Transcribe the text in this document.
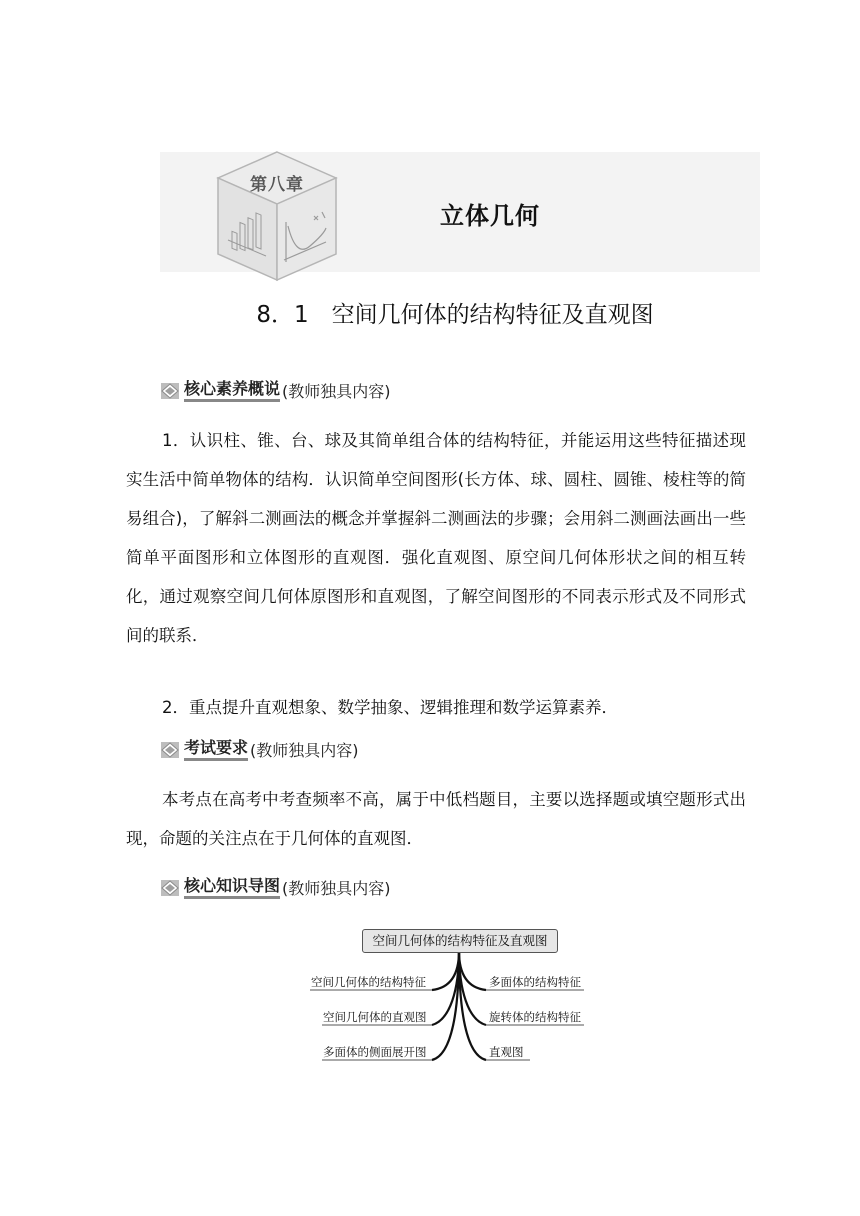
第八章
立体几何
8．1　空间几何体的结构特征及直观图
核心素养概说 (教师独具内容)

1．认识柱、锥、台、球及其简单组合体的结构特征，并能运用这些特征描述现实生活中简单物体的结构．认识简单空间图形(长方体、球、圆柱、圆锥、棱柱等的简易组合)，了解斜二测画法的概念并掌握斜二测画法的步骤；会用斜二测画法画出一些简单平面图形和立体图形的直观图．强化直观图、原空间几何体形状之间的相互转化，通过观察空间几何体原图形和直观图，了解空间图形的不同表示形式及不同形式间的联系．

2．重点提升直观想象、数学抽象、逻辑推理和数学运算素养．

考试要求 (教师独具内容)

本考点在高考中考查频率不高，属于中低档题目，主要以选择题或填空题形式出现，命题的关注点在于几何体的直观图．

核心知识导图 (教师独具内容)
空间几何体的结构特征及直观图
空间几何体的结构特征
空间几何体的直观图
多面体的侧面展开图
多面体的结构特征
旋转体的结构特征
直观图
